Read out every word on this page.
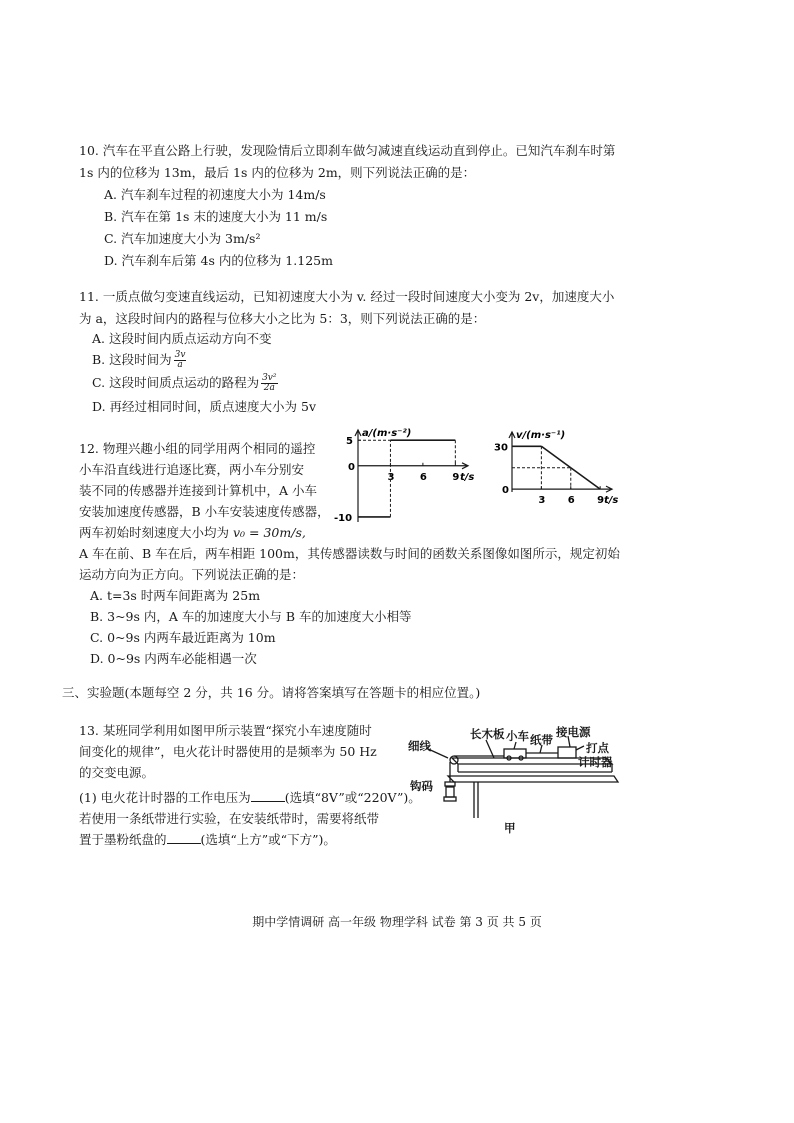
10. 汽车在平直公路上行驶，发现险情后立即刹车做匀减速直线运动直到停止。已知汽车刹车时第
1s 内的位移为 13m，最后 1s 内的位移为 2m，则下列说法正确的是：
A. 汽车刹车过程的初速度大小为 14m/s
B. 汽车在第 1s 末的速度大小为 11 m/s
C. 汽车加速度大小为 3m/s²
D. 汽车刹车后第 4s 内的位移为 1.125m
11. 一质点做匀变速直线运动，已知初速度大小为 v. 经过一段时间速度大小变为 2v，加速度大小
为 a，这段时间内的路程与位移大小之比为 5：3，则下列说法正确的是：
A. 这段时间内质点运动方向不变
B. 这段时间为 $\frac{3v}{a}$
C. 这段时间质点运动的路程为 $\frac{\text{3v²}}{2a}$
D. 再经过相同时间，质点速度大小为 5v
12. 物理兴趣小组的同学用两个相同的遥控
小车沿直线进行追逐比赛，两小车分别安
装不同的传感器并连接到计算机中，A 小车
安装加速度传感器，B 小车安装速度传感器，
两车初始时刻速度大小均为 v₀ = 30m/s,
A 车在前、B 车在后，两车相距 100m，其传感器读数与时间的函数关系图像如图所示，规定初始
运动方向为正方向。下列说法正确的是：
A. t=3s 时两车间距离为 25m
B. 3~9s 内，A 车的加速度大小与 B 车的加速度大小相等
C. 0~9s 内两车最近距离为 10m
D. 0~9s 内两车必能相遇一次
a/(m·s⁻²)
t/s
0
3	6	9
5
-10
v/(m·s⁻¹)
t/s
0
3 6 9
30
三、实验题(本题每空 2 分，共 16 分。请将答案填写在答题卡的相应位置。)
13. 某班同学利用如图甲所示装置“探究小车速度随时
间变化的规律”，电火花计时器使用的是频率为 50 Hz
的交变电源。
(1) 电火花计时器的工作电压为	(选填“8V”或“220V”)。
若使用一条纸带进行实验，在安装纸带时，需要将纸带
置于墨粉纸盘的	(选填“上方”或“下方”)。
长木板 小车 纸带
接电源
打点
计时器
细线
钩码
甲
期中学情调研 高一年级 物理学科 试卷 第 3 页 共 5 页
